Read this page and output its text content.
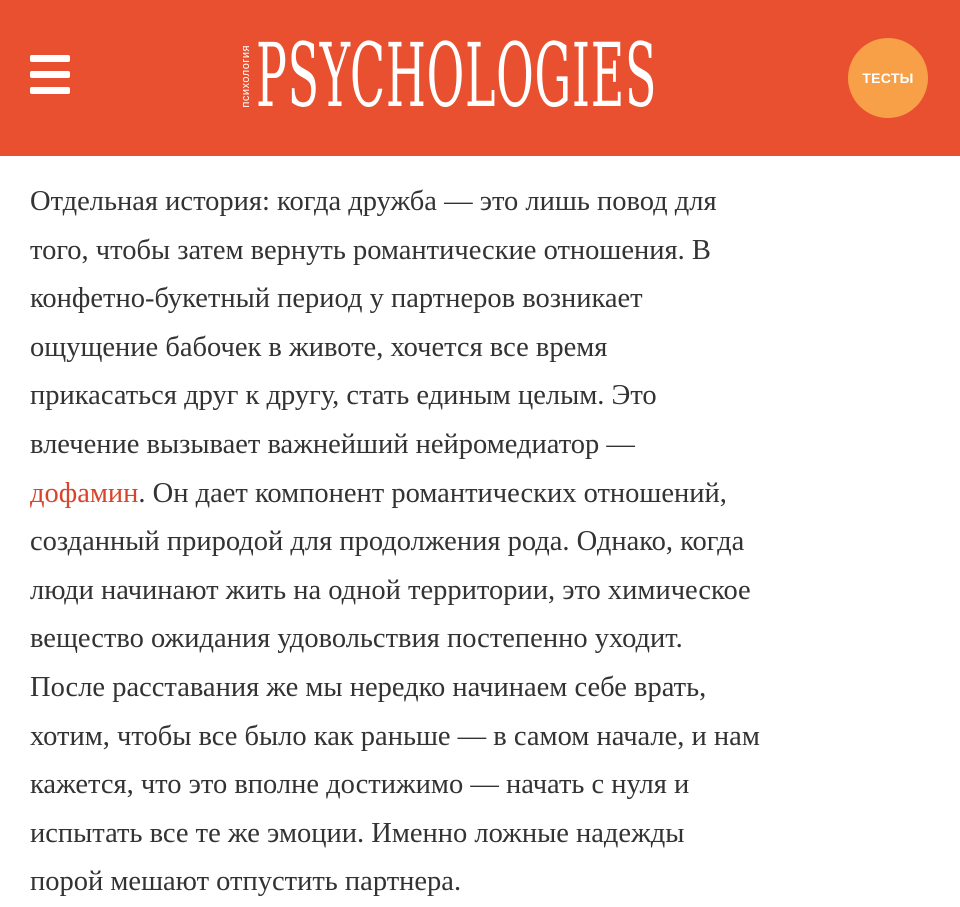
психология PSYCHOLOGIES	ТЕСТЫ
Отдельная история: когда дружба — это лишь повод для
того, чтобы затем вернуть романтические отношения. В
конфетно-букетный период у партнеров возникает
ощущение бабочек в животе, хочется все время
прикасаться друг к другу, стать единым целым. Это
влечение вызывает важнейший нейромедиатор —
дофамин. Он дает компонент романтических отношений,
созданный природой для продолжения рода. Однако, когда
люди начинают жить на одной территории, это химическое
вещество ожидания удовольствия постепенно уходит.
После расставания же мы нередко начинаем себе врать,
хотим, чтобы все было как раньше — в самом начале, и нам
кажется, что это вполне достижимо — начать с нуля и
испытать все те же эмоции. Именно ложные надежды
порой мешают отпустить партнера.
